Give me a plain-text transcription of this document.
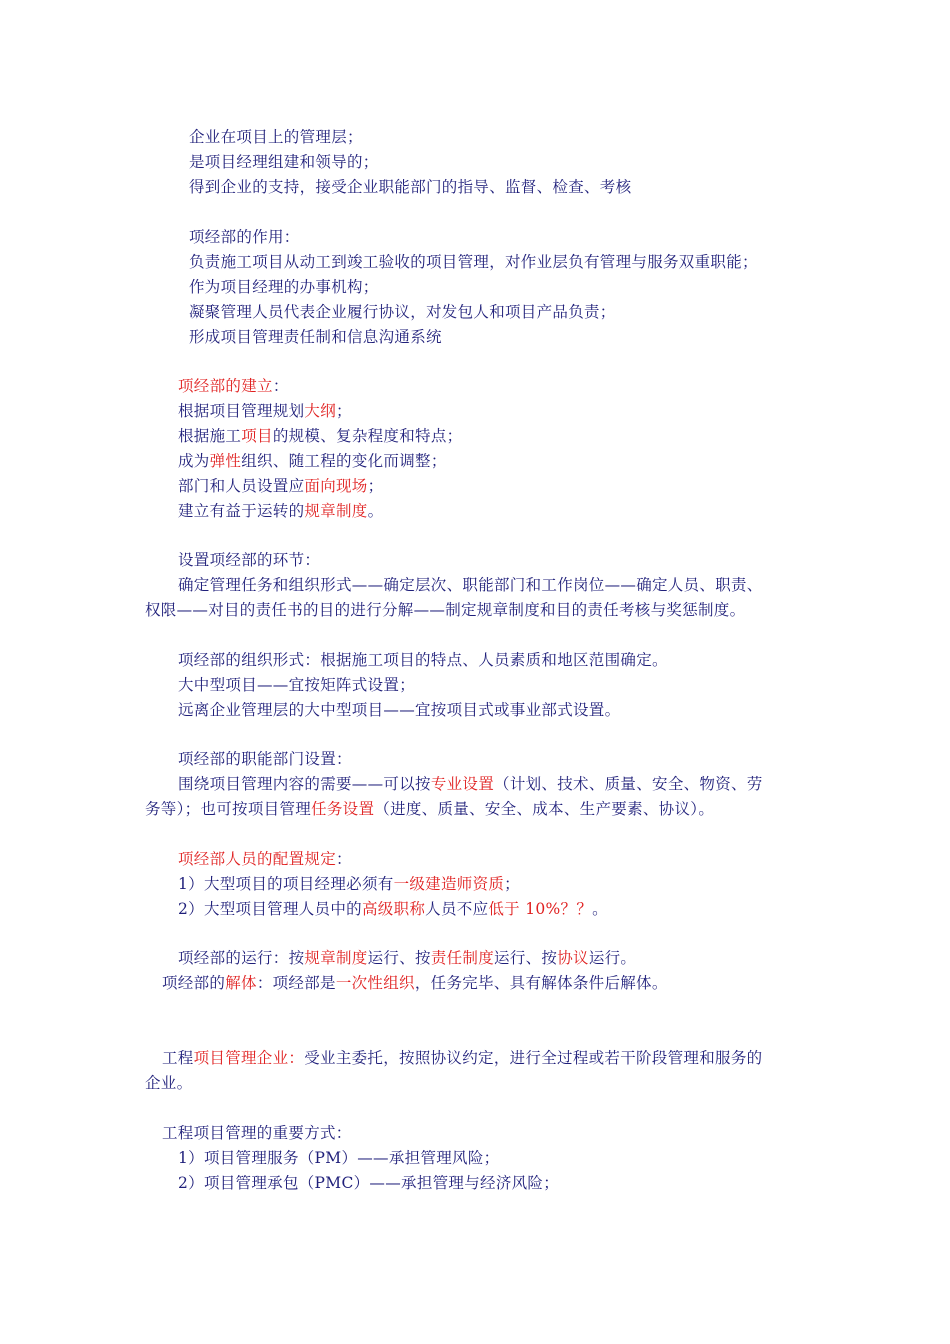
企业在项目上的管理层；
是项目经理组建和领导的；
得到企业的支持，接受企业职能部门的指导、监督、检查、考核
项经部的作用：
负责施工项目从动工到竣工验收的项目管理，对作业层负有管理与服务双重职能；
作为项目经理的办事机构；
凝聚管理人员代表企业履行协议，对发包人和项目产品负责；
形成项目管理责任制和信息沟通系统
项经部的建立：
根据项目管理规划大纲；
根据施工项目的规模、复杂程度和特点；
成为弹性组织、随工程的变化而调整；
部门和人员设置应面向现场；
建立有益于运转的规章制度。
设置项经部的环节：
确定管理任务和组织形式——确定层次、职能部门和工作岗位——确定人员、职责、
权限——对目的责任书的目的进行分解——制定规章制度和目的责任考核与奖惩制度。
项经部的组织形式：根据施工项目的特点、人员素质和地区范围确定。
大中型项目——宜按矩阵式设置；
远离企业管理层的大中型项目——宜按项目式或事业部式设置。
项经部的职能部门设置：
围绕项目管理内容的需要——可以按专业设置（计划、技术、质量、安全、物资、劳
务等）；也可按项目管理任务设置（进度、质量、安全、成本、生产要素、协议）。
项经部人员的配置规定：
1）大型项目的项目经理必须有一级建造师资质；
2）大型项目管理人员中的高级职称人员不应低于 10%？？。
项经部的运行：按规章制度运行、按责任制度运行、按协议运行。
项经部的解体：项经部是一次性组织，任务完毕、具有解体条件后解体。
工程项目管理企业：受业主委托，按照协议约定，进行全过程或若干阶段管理和服务的
企业。
工程项目管理的重要方式：
1）项目管理服务（PM）——承担管理风险；
2）项目管理承包（PMC）——承担管理与经济风险；
